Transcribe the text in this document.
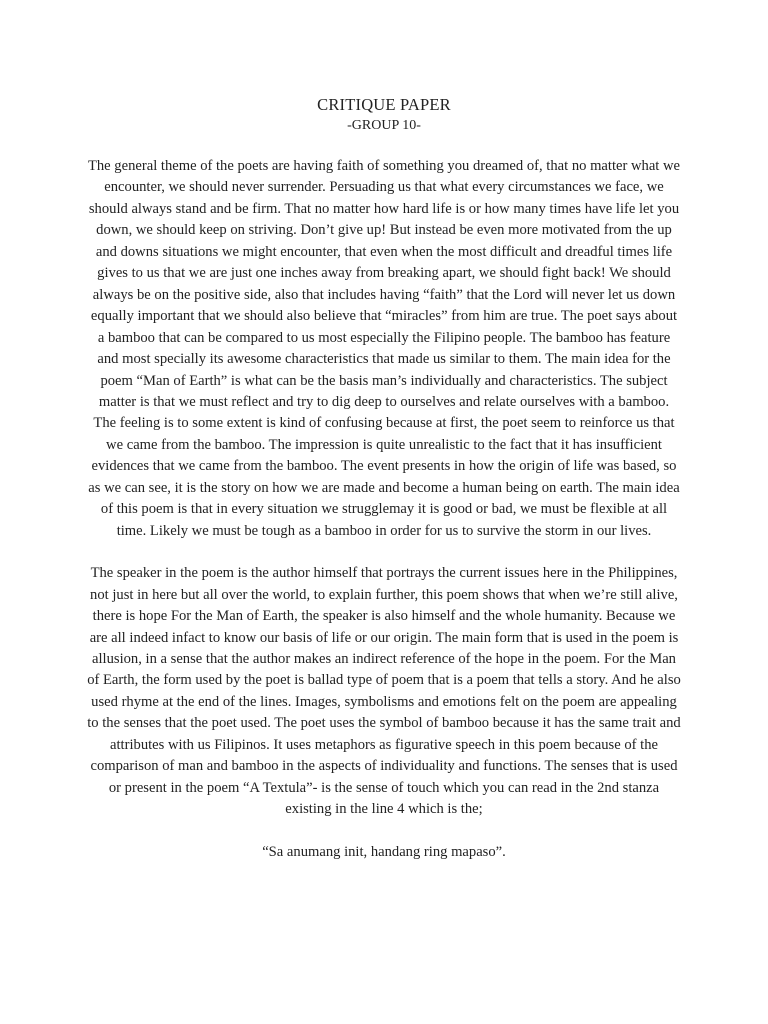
CRITIQUE PAPER
-GROUP 10-

The general theme of the poets are having faith of something you dreamed of, that no matter what we encounter, we should never surrender. Persuading us that what every circumstances we face, we should always stand and be firm. That no matter how hard life is or how many times have life let you down, we should keep on striving. Don’t give up! But instead be even more motivated from the up and downs situations we might encounter, that even when the most difficult and dreadful times life gives to us that we are just one inches away from breaking apart, we should fight back! We should always be on the positive side, also that includes having “faith” that the Lord will never let us down equally important that we should also believe that “miracles” from him are true. The poet says about a bamboo that can be compared to us most especially the Filipino people. The bamboo has feature and most specially its awesome characteristics that made us similar to them. The main idea for the poem “Man of Earth” is what can be the basis man’s individually and characteristics. The subject matter is that we must reflect and try to dig deep to ourselves and relate ourselves with a bamboo. The feeling is to some extent is kind of confusing because at first, the poet seem to reinforce us that we came from the bamboo. The impression is quite unrealistic to the fact that it has insufficient evidences that we came from the bamboo. The event presents in how the origin of life was based, so as we can see, it is the story on how we are made and become a human being on earth. The main idea of this poem is that in every situation we strugglemay it is good or bad, we must be flexible at all time. Likely we must be tough as a bamboo in order for us to survive the storm in our lives.

The speaker in the poem is the author himself that portrays the current issues here in the Philippines, not just in here but all over the world, to explain further, this poem shows that when we’re still alive, there is hope For the Man of Earth, the speaker is also himself and the whole humanity. Because we are all indeed infact to know our basis of life or our origin. The main form that is used in the poem is allusion, in a sense that the author makes an indirect reference of the hope in the poem. For the Man of Earth, the form used by the poet is ballad type of poem that is a poem that tells a story. And he also used rhyme at the end of the lines. Images, symbolisms and emotions felt on the poem are appealing to the senses that the poet used. The poet uses the symbol of bamboo because it has the same trait and attributes with us Filipinos. It uses metaphors as figurative speech in this poem because of the comparison of man and bamboo in the aspects of individuality and functions. The senses that is used or present in the poem “A Textula”- is the sense of touch which you can read in the 2nd stanza existing in the line 4 which is the;

“Sa anumang init, handang ring mapaso”.
